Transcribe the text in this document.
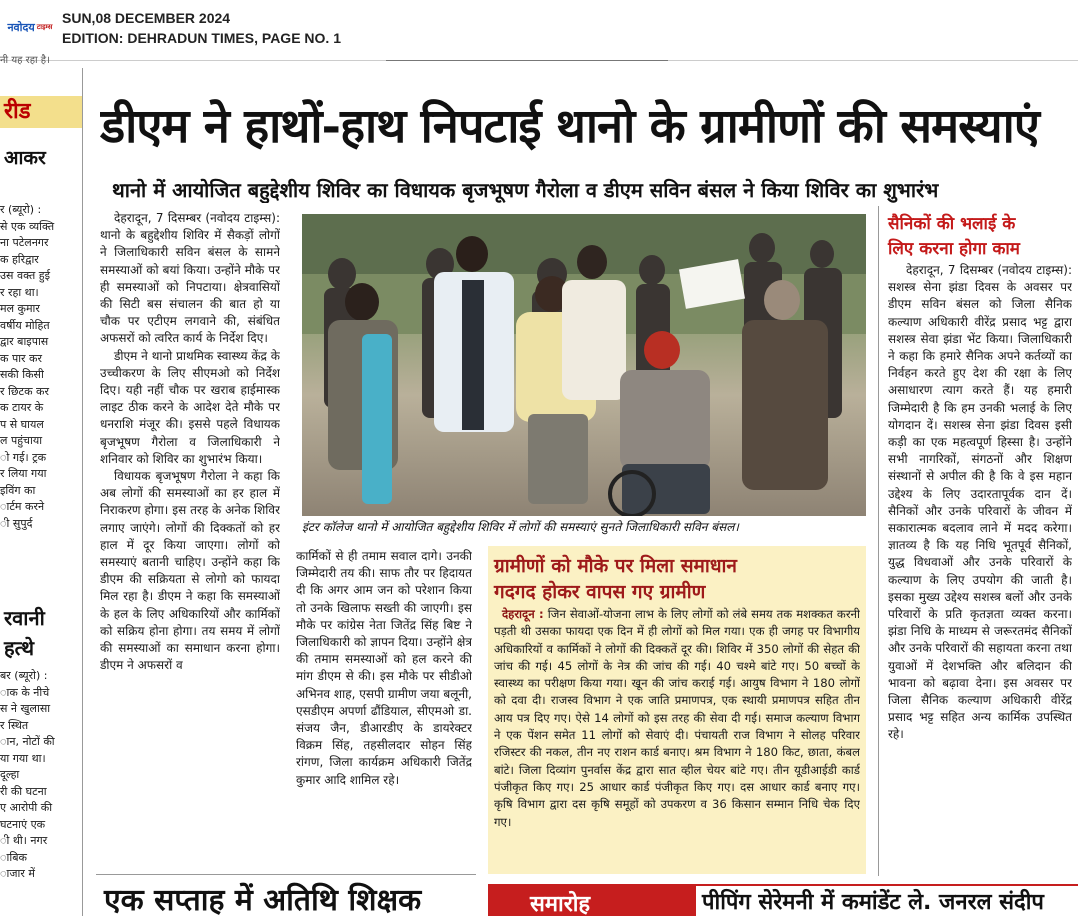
नवोदय टाइम्स
SUN,08 DECEMBER 2024
EDITION: DEHRADUN TIMES, PAGE NO. 1
नी यह रहा है।
रीड
आकर
र (ब्यूरो) :
से एक व्यक्ति
ना पटेलनगर
क हरिद्वार
उस वक्त हुई
र रहा था।
मल कुमार
वर्षीय मोहित
द्वार बाइपास
क पार कर
सकी किसी
र छिटक कर
क टायर के
प से घायल
ल पहुंचाया
ो गई। ट्रक
र लिया गया
इविंग का
ार्टम करने
ी सुपुर्द
रवानी
हत्थे
बर (ब्यूरो) :
ाक के नीचे
स ने खुलासा
र स्थित
ान, नोटों की
या गया था।
दूल्हा
री की घटना
ए आरोपी की
घटनाएं एक
ी थी। नगर
ाबिक
ाजार में
डीएम ने हाथों-हाथ निपटाई थानो के ग्रामीणों की समस्याएं
थानो में आयोजित बहुद्देशीय शिविर का विधायक बृजभूषण गैरोला व डीएम सविन बंसल ने किया शिविर का शुभारंभ

देहरादून, 7 दिसम्बर (नवोदय टाइम्स): थानो के बहुद्देशीय शिविर में सैकड़ों लोगों ने जिलाधिकारी सविन बंसल के सामने समस्याओं को बयां किया। उन्होंने मौके पर ही समस्याओं को निपटाया। क्षेत्रवासियों की सिटी बस संचालन की बात हो या चौक पर एटीएम लगवाने की, संबंधित अफसरों को त्वरित कार्य के निर्देश दिए।

डीएम ने थानो प्राथमिक स्वास्थ्य केंद्र के उच्चीकरण के लिए सीएमओ को निर्देश दिए। यही नहीं चौक पर खराब हाईमास्क लाइट ठीक करने के आदेश देते मौके पर धनराशि मंजूर की। इससे पहले विधायक बृजभूषण गैरोला व जिलाधिकारी ने शनिवार को शिविर का शुभारंभ किया।

विधायक बृजभूषण गैरोला ने कहा कि अब लोगों की समस्याओं का हर हाल में निराकरण होगा। इस तरह के अनेक शिविर लगाए जाएंगे। लोगों की दिक्कतों को हर हाल में दूर किया जाएगा। लोगों को समस्याएं बतानी चाहिए। उन्होंने कहा कि डीएम की सक्रियता से लोगो को फायदा मिल रहा है। डीएम ने कहा कि समस्याओं के हल के लिए अधिकारियों और कार्मिकों को सक्रिय होना होगा। तय समय में लोगों की समस्याओं का समाधान करना होगा। डीएम ने अफसरों व

इंटर कॉलेज थानो में आयोजित बहुद्देशीय शिविर में लोगों की समस्याएं सुनते जिलाधिकारी सविन बंसल।

कार्मिकों से ही तमाम सवाल दागे। उनकी जिम्मेदारी तय की। साफ तौर पर हिदायत दी कि अगर आम जन को परेशान किया तो उनके खिलाफ सख्ती की जाएगी। इस मौके पर कांग्रेस नेता जितेंद्र सिंह बिष्ट ने जिलाधिकारी को ज्ञापन दिया। उन्होंने क्षेत्र की तमाम समस्याओं को हल करने की मांग डीएम से की। इस मौके पर सीडीओ अभिनव शाह, एसपी ग्रामीण जया बलूनी, एसडीएम अपर्णा ढौंडियाल, सीएमओ डा. संजय जैन, डीआरडीए के डायरेक्टर विक्रम सिंह, तहसीलदार सोहन सिंह रांगण, जिला कार्यक्रम अधिकारी जितेंद्र कुमार आदि शामिल रहे।

ग्रामीणों को मौके पर मिला समाधान
गदगद होकर वापस गए ग्रामीण

देहरादून : जिन सेवाओं-योजना लाभ के लिए लोगों को लंबे समय तक मशक्कत करनी पड़ती थी उसका फायदा एक दिन में ही लोगों को मिल गया। एक ही जगह पर विभागीय अधिकारियों व कार्मिकों ने लोगों की दिक्कतें दूर की। शिविर में 350 लोगों की सेहत की जांच की गई। 45 लोगों के नेत्र की जांच की गई। 40 चश्मे बांटे गए। 50 बच्चों के स्वास्थ्य का परीक्षण किया गया। खून की जांच कराई गई। आयुष विभाग ने 180 लोगों को दवा दी। राजस्व विभाग ने एक जाति प्रमाणपत्र, एक स्थायी प्रमाणपत्र सहित तीन आय पत्र दिए गए। ऐसे 14 लोगों को इस तरह की सेवा दी गई। समाज कल्याण विभाग ने एक पेंशन समेत 11 लोगों को सेवाएं दी। पंचायती राज विभाग ने सोलह परिवार रजिस्टर की नकल, तीन नए राशन कार्ड बनाए। श्रम विभाग ने 180 किट, छाता, कंबल बांटे। जिला दिव्यांग पुनर्वास केंद्र द्वारा सात व्हील चेयर बांटे गए। तीन यूडीआईडी कार्ड पंजीकृत किए गए। 25 आधार कार्ड पंजीकृत किए गए। दस आधार कार्ड बनाए गए। कृषि विभाग द्वारा दस कृषि समूहों को उपकरण व 36 किसान सम्मान निधि चेक दिए गए।

सैनिकों की भलाई के
लिए करना होगा काम

देहरादून, 7 दिसम्बर (नवोदय टाइम्स): सशस्त्र सेना झंडा दिवस के अवसर पर डीएम सविन बंसल को जिला सैनिक कल्याण अधिकारी वीरेंद्र प्रसाद भट्ट द्वारा सशस्त्र सेवा झंडा भेंट किया। जिलाधिकारी ने कहा कि हमारे सैनिक अपने कर्तव्यों का निर्वहन करते हुए देश की रक्षा के लिए असाधारण त्याग करते हैं। यह हमारी जिम्मेदारी है कि हम उनकी भलाई के लिए योगदान दें। सशस्त्र सेना झंडा दिवस इसी कड़ी का एक महत्वपूर्ण हिस्सा है। उन्होंने सभी नागरिकों, संगठनों और शिक्षण संस्थानों से अपील की है कि वे इस महान उद्देश्य के लिए उदारतापूर्वक दान दें। सैनिकों और उनके परिवारों के जीवन में सकारात्मक बदलाव लाने में मदद करेगा। ज्ञातव्य है कि यह निधि भूतपूर्व सैनिकों, युद्ध विधवाओं और उनके परिवारों के कल्याण के लिए उपयोग की जाती है। इसका मुख्य उद्देश्य सशस्त्र बलों और उनके परिवारों के प्रति कृतज्ञता व्यक्त करना। झंडा निधि के माध्यम से जरूरतमंद सैनिकों और उनके परिवारों की सहायता करना तथा युवाओं में देशभक्ति और बलिदान की भावना को बढ़ावा देना। इस अवसर पर जिला सैनिक कल्याण अधिकारी वीरेंद्र प्रसाद भट्ट सहित अन्य कार्मिक उपस्थित रहे।

एक सप्ताह में अतिथि शिक्षक	समारोह	पीपिंग सेरेमनी में कमांडेंट ले. जनरल संदीप
